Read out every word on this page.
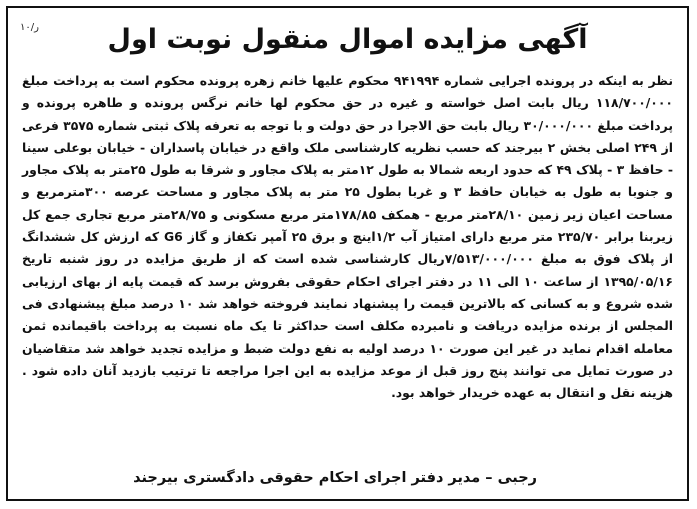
ر/۱۰	آگهی مزایده اموال منقول نوبت اول
نظر به اینکه در پرونده اجرایی شماره ۹۴۱۹۹۴ محکوم علیها خانم زهره پرونده محکوم است به پرداخت مبلغ ۱۱۸/۷۰۰/۰۰۰ ریال بابت اصل خواسته و غیره در حق محکوم لها خانم نرگس پرونده و طاهره پرونده و پرداخت مبلغ ۳۰/۰۰۰/۰۰۰ ریال بابت حق الاجرا در حق دولت و با توجه به تعرفه پلاک ثبتی شماره ۳۵۷۵ فرعی از ۲۴۹ اصلی بخش ۲ بیرجند که حسب نظریه کارشناسی ملک واقع در خیابان پاسداران - خیابان بوعلی سینا - حافظ ۳ - پلاک ۴۹ که حدود اربعه شمالا به طول ۱۲متر به پلاک مجاور و شرقا به طول ۲۵متر به پلاک مجاور و جنوبا به طول به خیابان حافظ ۳ و غربا بطول ۲۵ متر به پلاک مجاور و مساحت عرصه ۳۰۰مترمربع و مساحت اعیان زیر زمین ۲۸/۱۰متر مربع - همکف ۱۷۸/۸۵متر مربع مسکونی و ۲۸/۷۵متر مربع تجاری جمع کل زیربنا برابر ۲۳۵/۷۰ متر مربع دارای امتیاز آب ۱/۲اینچ و برق ۲۵ آمپر تکفاز و گاز G6 که ارزش کل ششدانگ از پلاک فوق به مبلغ ۷/۵۱۳/۰۰۰/۰۰۰ریال کارشناسی شده است که از طریق مزایده در روز شنبه تاریخ ۱۳۹۵/۰۵/۱۶ از ساعت ۱۰ الی ۱۱ در دفتر اجرای احکام حقوقی بفروش برسد که قیمت پایه از بهای ارزیابی شده شروع و به کسانی که بالاترین قیمت را پیشنهاد نمایند فروخته خواهد شد ۱۰ درصد مبلغ پیشنهادی فی المجلس از برنده مزایده دریافت و نامبرده مکلف است حداکثر تا یک ماه نسبت به پرداخت باقیمانده ثمن معامله اقدام نماید در غیر این صورت ۱۰ درصد اولیه به نفع دولت ضبط و مزایده تجدید خواهد شد متقاضیان در صورت تمایل می توانند پنج روز قبل از موعد مزایده به این اجرا مراجعه تا ترتیب بازدید آنان داده شود . هزینه نقل و انتقال به عهده خریدار خواهد بود.
رجبی – مدیر دفتر اجرای احکام حقوقی دادگستری بیرجند
